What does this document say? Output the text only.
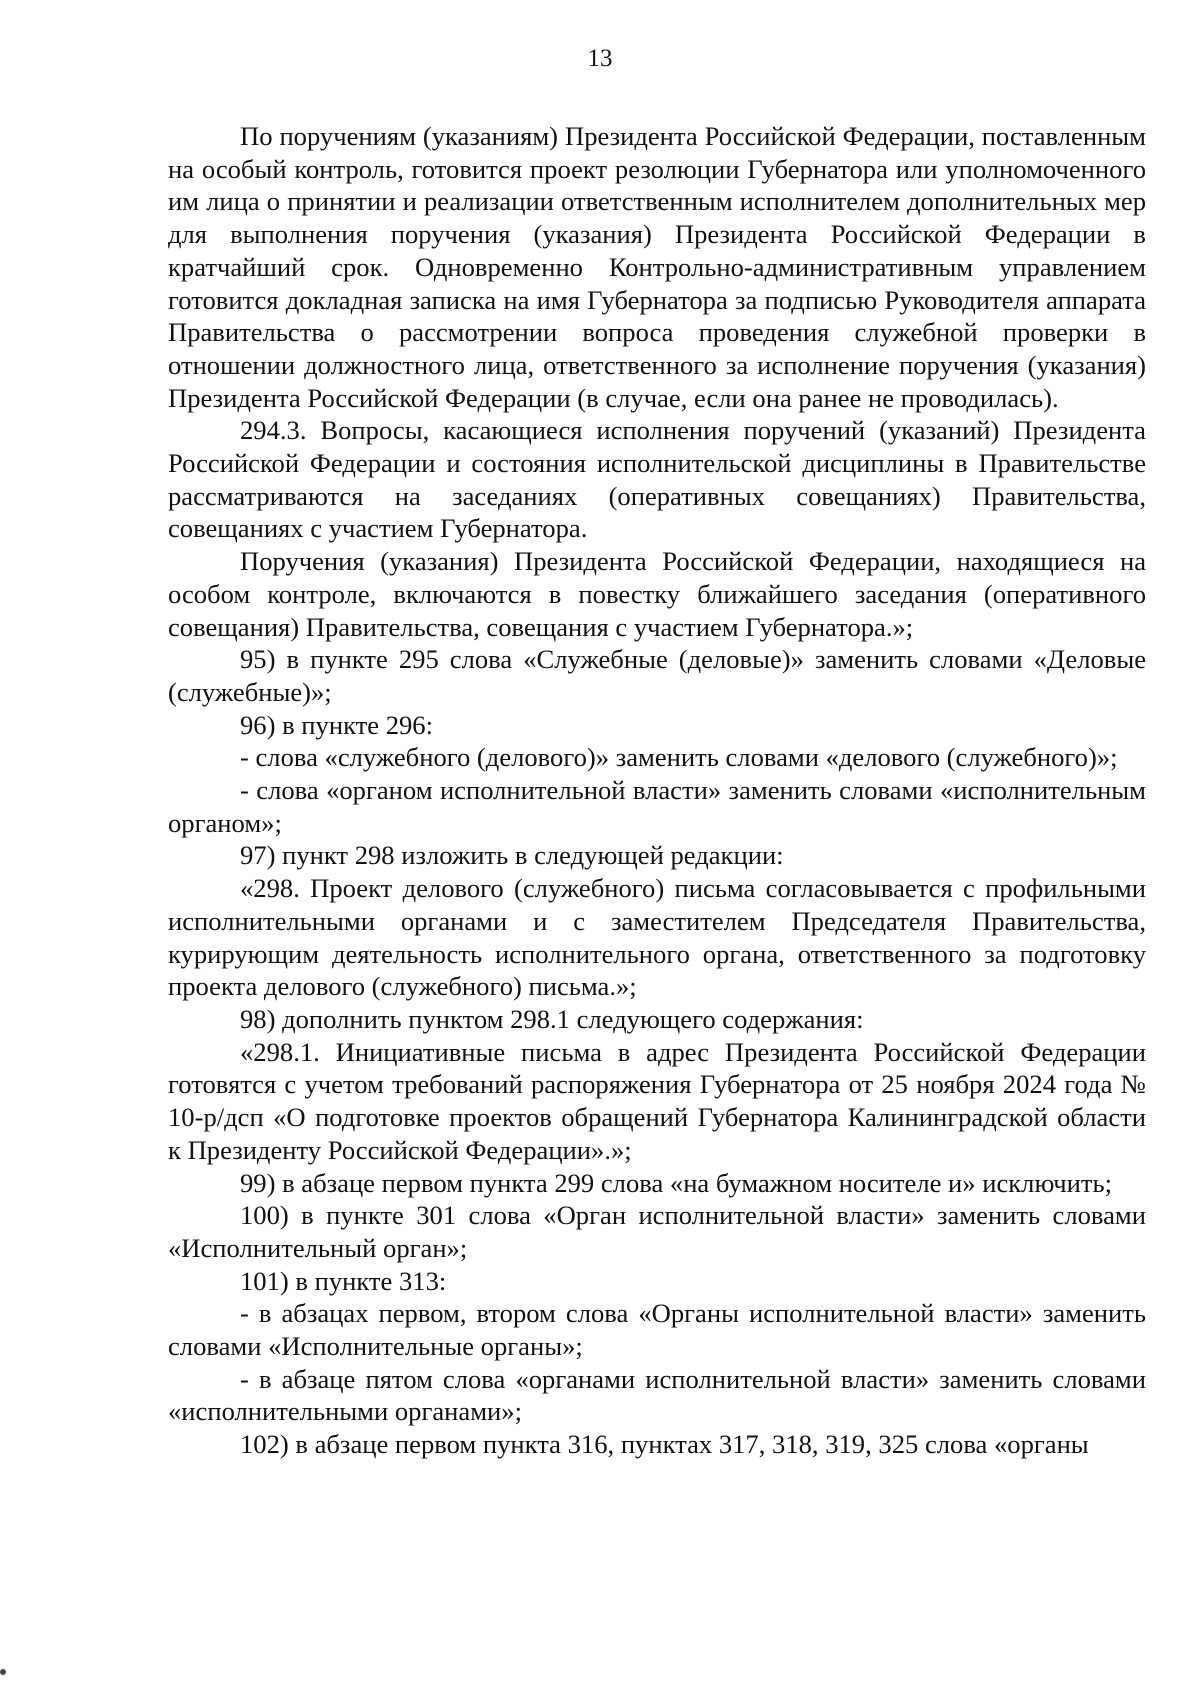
13

По поручениям (указаниям) Президента Российской Федерации, поставленным на особый контроль, готовится проект резолюции Губернатора или уполномоченного им лица о принятии и реализации ответственным исполнителем дополнительных мер для выполнения поручения (указания) Президента Российской Федерации в кратчайший срок. Одновременно Контрольно-административным управлением готовится докладная записка на имя Губернатора за подписью Руководителя аппарата Правительства о рассмотрении вопроса проведения служебной проверки в отношении должностного лица, ответственного за исполнение поручения (указания) Президента Российской Федерации (в случае, если она ранее не проводилась).

294.3. Вопросы, касающиеся исполнения поручений (указаний) Президента Российской Федерации и состояния исполнительской дисциплины в Правительстве рассматриваются на заседаниях (оперативных совещаниях) Правительства, совещаниях с участием Губернатора.

Поручения (указания) Президента Российской Федерации, находящиеся на особом контроле, включаются в повестку ближайшего заседания (оперативного совещания) Правительства, совещания с участием Губернатора.»;

95) в пункте 295 слова «Служебные (деловые)» заменить словами «Деловые (служебные)»;

96) в пункте 296:

- слова «служебного (делового)» заменить словами «делового (служебного)»;

- слова «органом исполнительной власти» заменить словами «исполнительным органом»;

97) пункт 298 изложить в следующей редакции:

«298. Проект делового (служебного) письма согласовывается с профильными исполнительными органами и с заместителем Председателя Правительства, курирующим деятельность исполнительного органа, ответственного за подготовку проекта делового (служебного) письма.»;

98) дополнить пунктом 298.1 следующего содержания:

«298.1. Инициативные письма в адрес Президента Российской Федерации готовятся с учетом требований распоряжения Губернатора от 25 ноября 2024 года № 10-р/дсп «О подготовке проектов обращений Губернатора Калининградской области к Президенту Российской Федерации».»;

99) в абзаце первом пункта 299 слова «на бумажном носителе и» исключить;

100) в пункте 301 слова «Орган исполнительной власти» заменить словами «Исполнительный орган»;

101) в пункте 313:

- в абзацах первом, втором слова «Органы исполнительной власти» заменить словами «Исполнительные органы»;

- в абзаце пятом слова «органами исполнительной власти» заменить словами «исполнительными органами»;

102) в абзаце первом пункта 316, пунктах 317, 318, 319, 325 слова «органы
